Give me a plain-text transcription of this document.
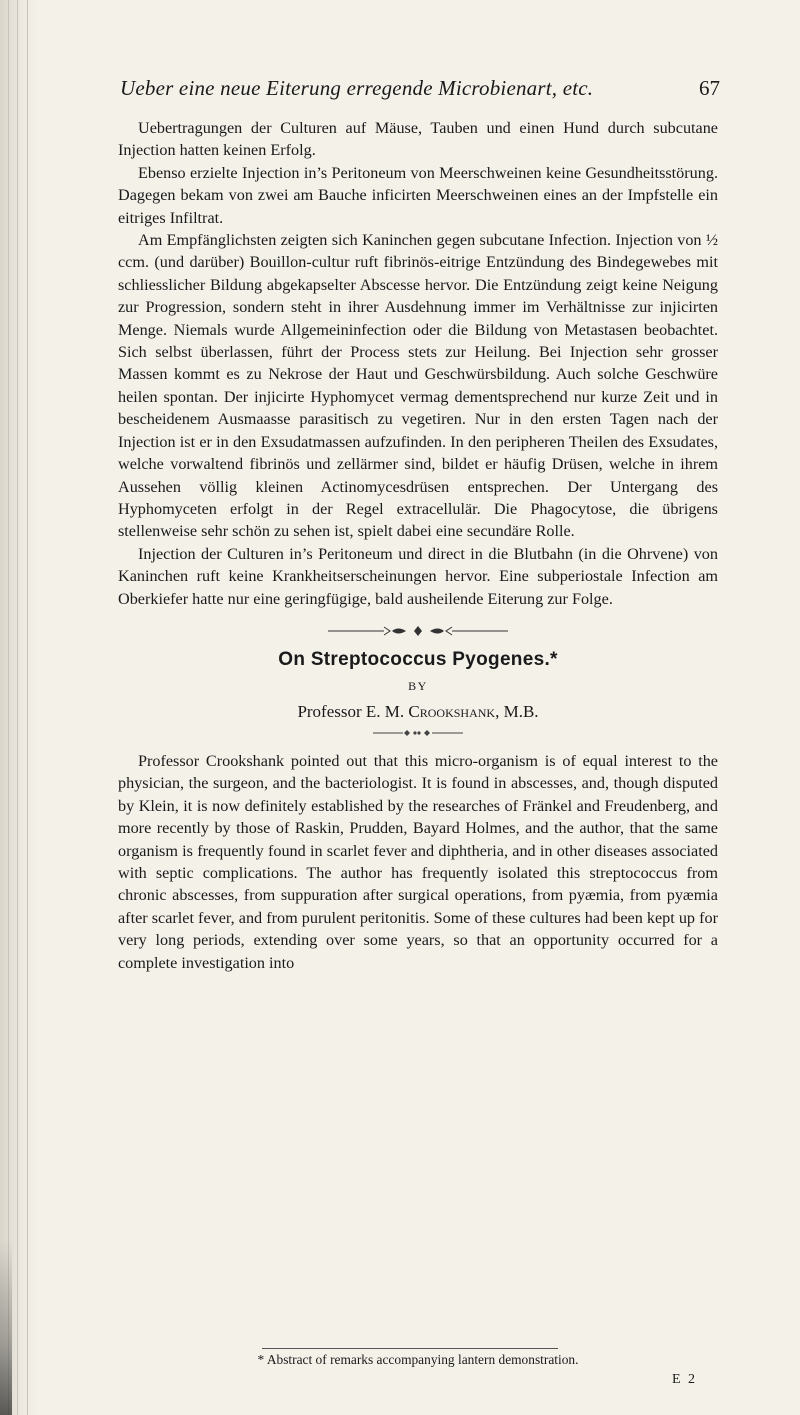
Ueber eine neue Eiterung erregende Microbienart, etc.	67

Uebertragungen der Culturen auf Mäuse, Tauben und einen Hund durch subcutane Injection hatten keinen Erfolg.

Ebenso erzielte Injection in’s Peritoneum von Meerschweinen keine Gesundheitsstörung. Dagegen bekam von zwei am Bauche inficirten Meerschweinen eines an der Impfstelle ein eitriges Infiltrat.

Am Empfänglichsten zeigten sich Kaninchen gegen subcutane Infection. Injection von ½ ccm. (und darüber) Bouillon-cultur ruft fibrinös-eitrige Entzündung des Bindegewebes mit schliesslicher Bildung abgekapselter Abscesse hervor. Die Entzündung zeigt keine Neigung zur Progression, sondern steht in ihrer Ausdehnung immer im Verhältnisse zur injicirten Menge. Niemals wurde Allgemeininfection oder die Bildung von Metastasen beobachtet. Sich selbst überlassen, führt der Process stets zur Heilung. Bei Injection sehr grosser Massen kommt es zu Nekrose der Haut und Geschwürsbildung. Auch solche Geschwüre heilen spontan. Der injicirte Hyphomycet vermag dementsprechend nur kurze Zeit und in bescheidenem Ausmaasse parasitisch zu vegetiren. Nur in den ersten Tagen nach der Injection ist er in den Exsudatmassen aufzufinden. In den peripheren Theilen des Exsudates, welche vorwaltend fibrinös und zellärmer sind, bildet er häufig Drüsen, welche in ihrem Aussehen völlig kleinen Actinomycesdrüsen entsprechen. Der Untergang des Hyphomyceten erfolgt in der Regel extracellulär. Die Phagocytose, die übrigens stellenweise sehr schön zu sehen ist, spielt dabei eine secundäre Rolle.

Injection der Culturen in’s Peritoneum und direct in die Blutbahn (in die Ohrvene) von Kaninchen ruft keine Krankheitserscheinungen hervor. Eine subperiostale Infection am Oberkiefer hatte nur eine geringfügige, bald ausheilende Eiterung zur Folge.

On Streptococcus Pyogenes.*
BY
Professor E. M. Crookshank, M.B.

Professor Crookshank pointed out that this micro-organism is of equal interest to the physician, the surgeon, and the bacteriologist. It is found in abscesses, and, though disputed by Klein, it is now definitely established by the researches of Fränkel and Freudenberg, and more recently by those of Raskin, Prudden, Bayard Holmes, and the author, that the same organism is frequently found in scarlet fever and diphtheria, and in other diseases associated with septic complications. The author has frequently isolated this streptococcus from chronic abscesses, from suppuration after surgical operations, from pyæmia, from pyæmia after scarlet fever, and from purulent peritonitis. Some of these cultures had been kept up for very long periods, extending over some years, so that an opportunity occurred for a complete investigation into

* Abstract of remarks accompanying lantern demonstration.
E 2
